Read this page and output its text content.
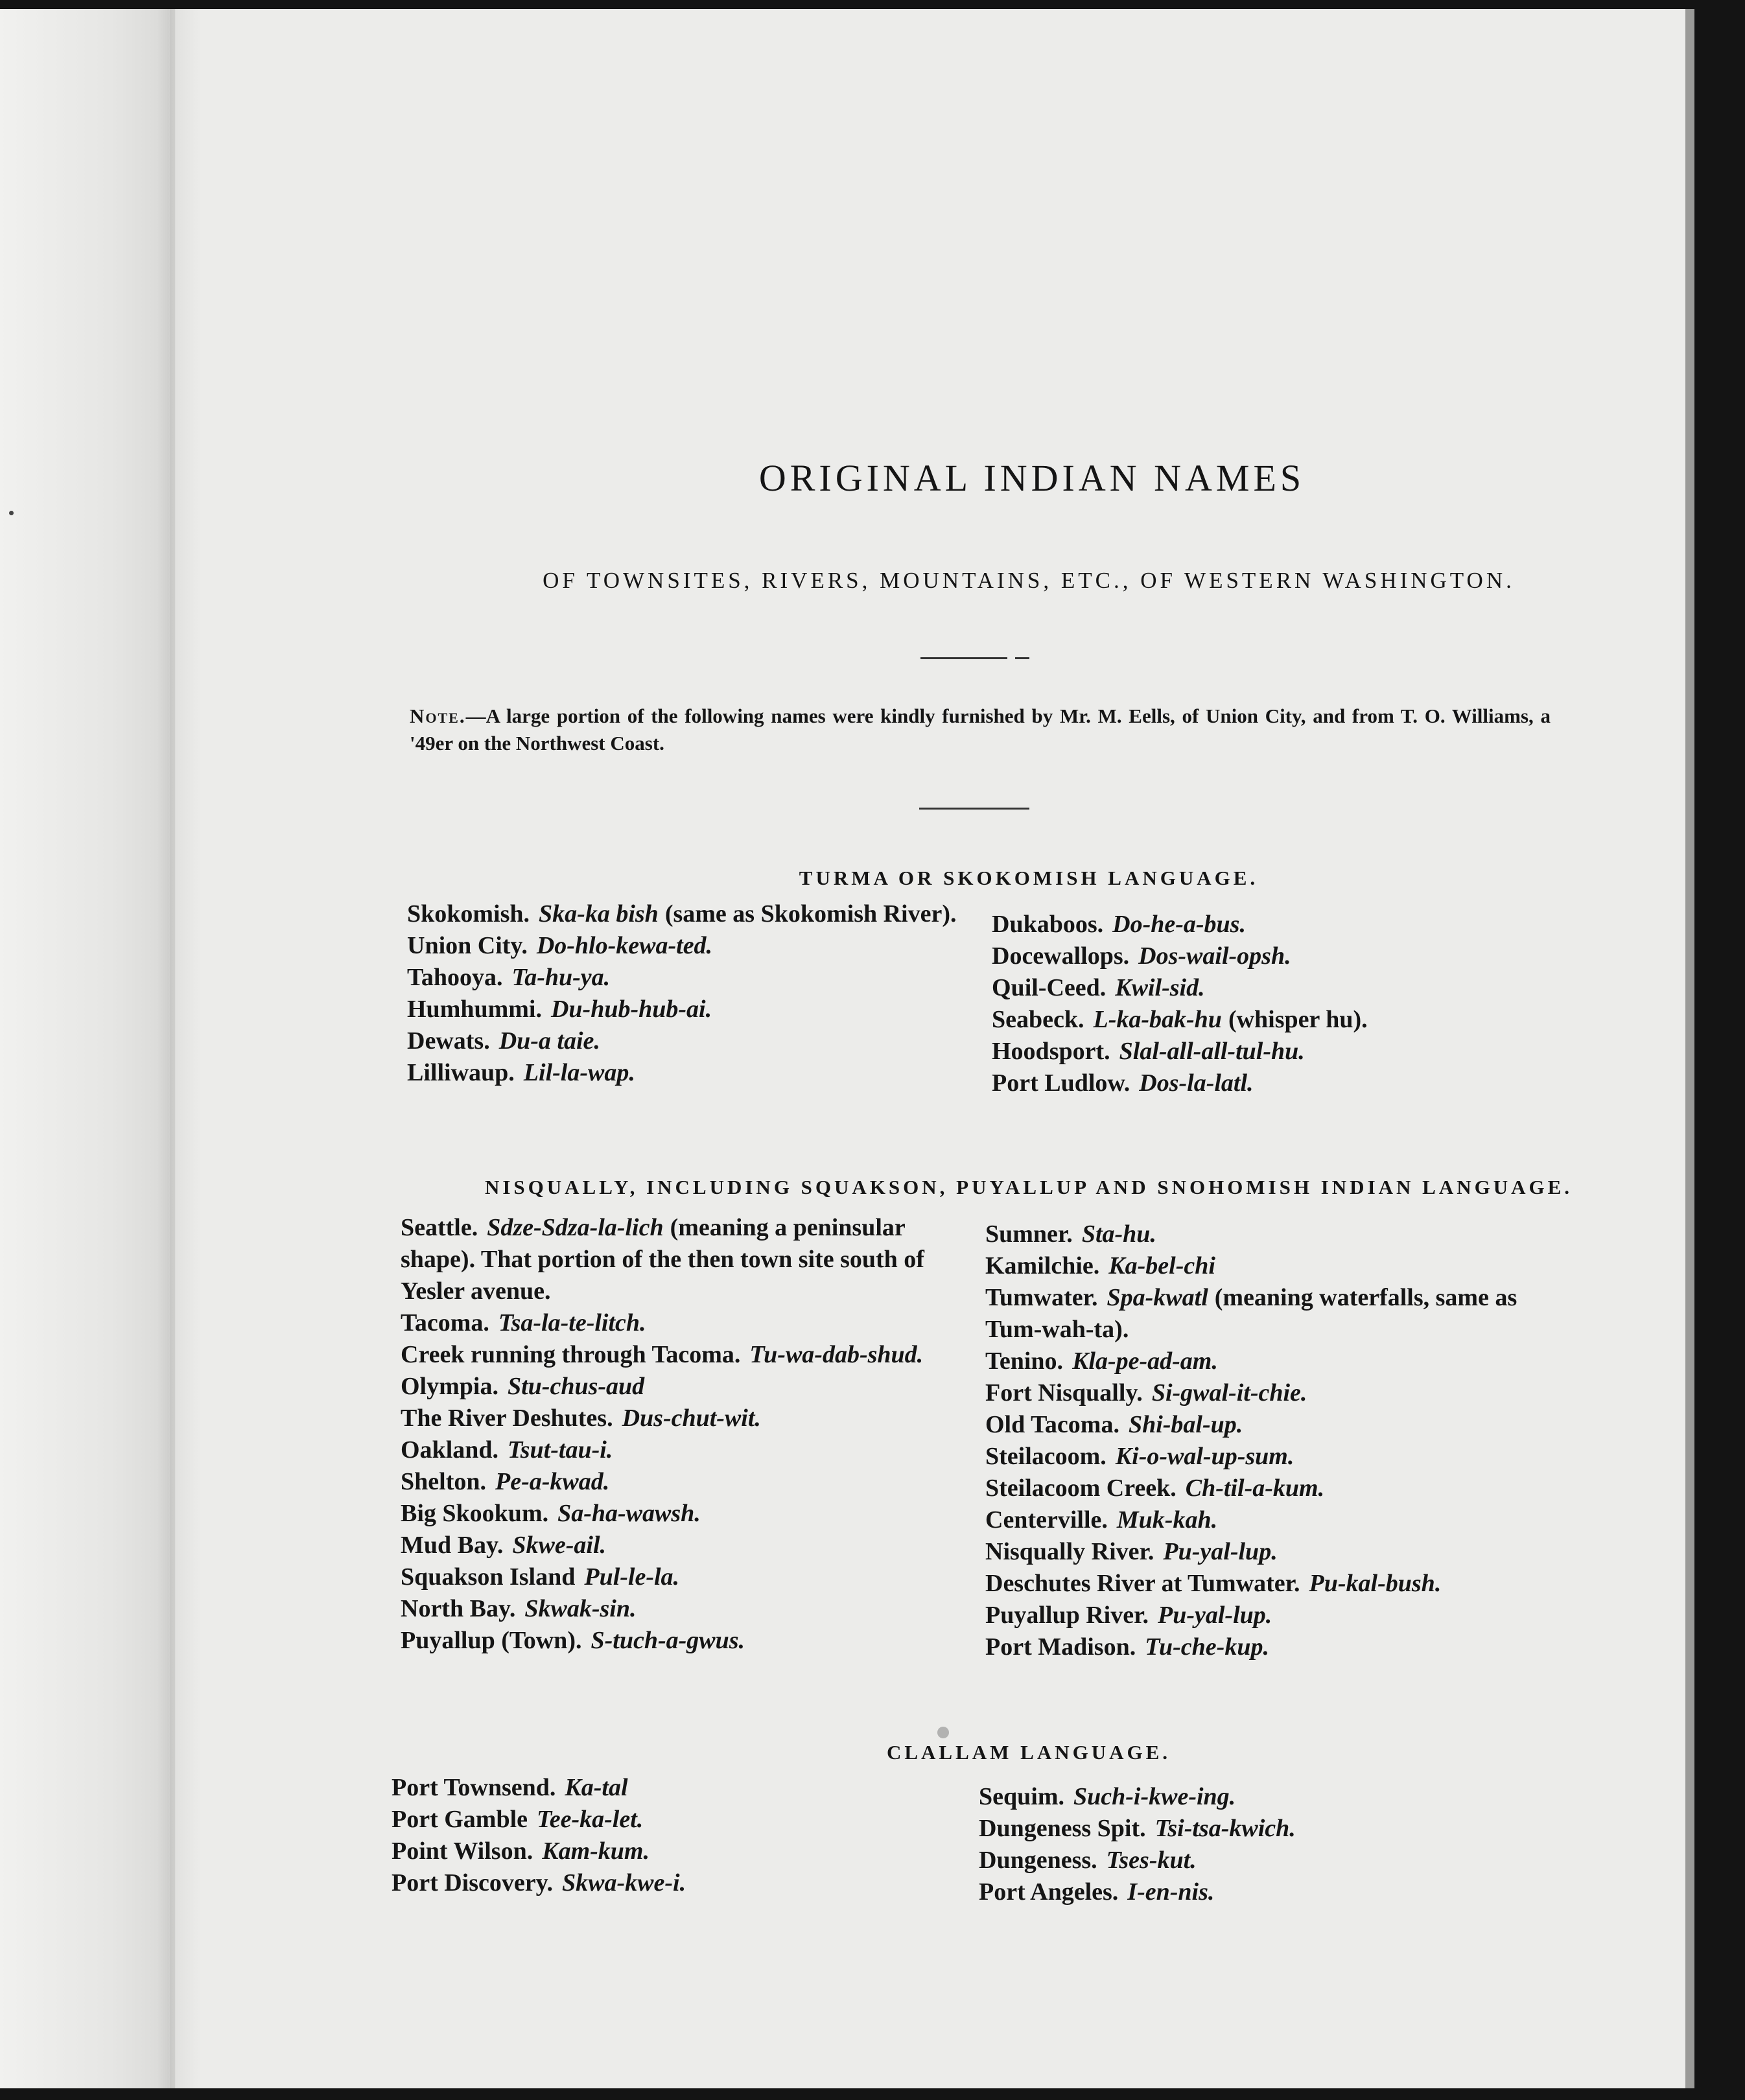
ORIGINAL INDIAN NAMES
OF TOWNSITES, RIVERS, MOUNTAINS, ETC., OF WESTERN WASHINGTON.
Note.—A large portion of the following names were kindly furnished by Mr. M. Eells, of Union City, and from T. O. Williams, a '49er on the Northwest Coast.
TURMA OR SKOKOMISH LANGUAGE.
Skokomish. Ska-ka bish (same as Skokomish River).
Union City. Do-hlo-kewa-ted.
Tahooya. Ta-hu-ya.
Humhummi. Du-hub-hub-ai.
Dewats. Du-a taie.
Lilliwaup. Lil-la-wap.
Dukaboos. Do-he-a-bus.
Docewallops. Dos-wail-opsh.
Quil-Ceed. Kwil-sid.
Seabeck. L-ka-bak-hu (whisper hu).
Hoodsport. Slal-all-all-tul-hu.
Port Ludlow. Dos-la-latl.
NISQUALLY, INCLUDING SQUAKSON, PUYALLUP AND SNOHOMISH INDIAN LANGUAGE.
Seattle. Sdze-Sdza-la-lich (meaning a peninsular shape). That portion of the then town site south of Yesler avenue.
Tacoma. Tsa-la-te-litch.
Creek running through Tacoma. Tu-wa-dab-shud.
Olympia. Stu-chus-aud
The River Deshutes. Dus-chut-wit.
Oakland. Tsut-tau-i.
Shelton. Pe-a-kwad.
Big Skookum. Sa-ha-wawsh.
Mud Bay. Skwe-ail.
Squakson Island Pul-le-la.
North Bay. Skwak-sin.
Puyallup (Town). S-tuch-a-gwus.
Sumner. Sta-hu.
Kamilchie. Ka-bel-chi
Tumwater. Spa-kwatl (meaning waterfalls, same as Tum-wah-ta).
Tenino. Kla-pe-ad-am.
Fort Nisqually. Si-gwal-it-chie.
Old Tacoma. Shi-bal-up.
Steilacoom. Ki-o-wal-up-sum.
Steilacoom Creek. Ch-til-a-kum.
Centerville. Muk-kah.
Nisqually River. Pu-yal-lup.
Deschutes River at Tumwater. Pu-kal-bush.
Puyallup River. Pu-yal-lup.
Port Madison. Tu-che-kup.
CLALLAM LANGUAGE.
Port Townsend. Ka-tal
Port Gamble Tee-ka-let.
Point Wilson. Kam-kum.
Port Discovery. Skwa-kwe-i.
Sequim. Such-i-kwe-ing.
Dungeness Spit. Tsi-tsa-kwich.
Dungeness. Tses-kut.
Port Angeles. I-en-nis.
